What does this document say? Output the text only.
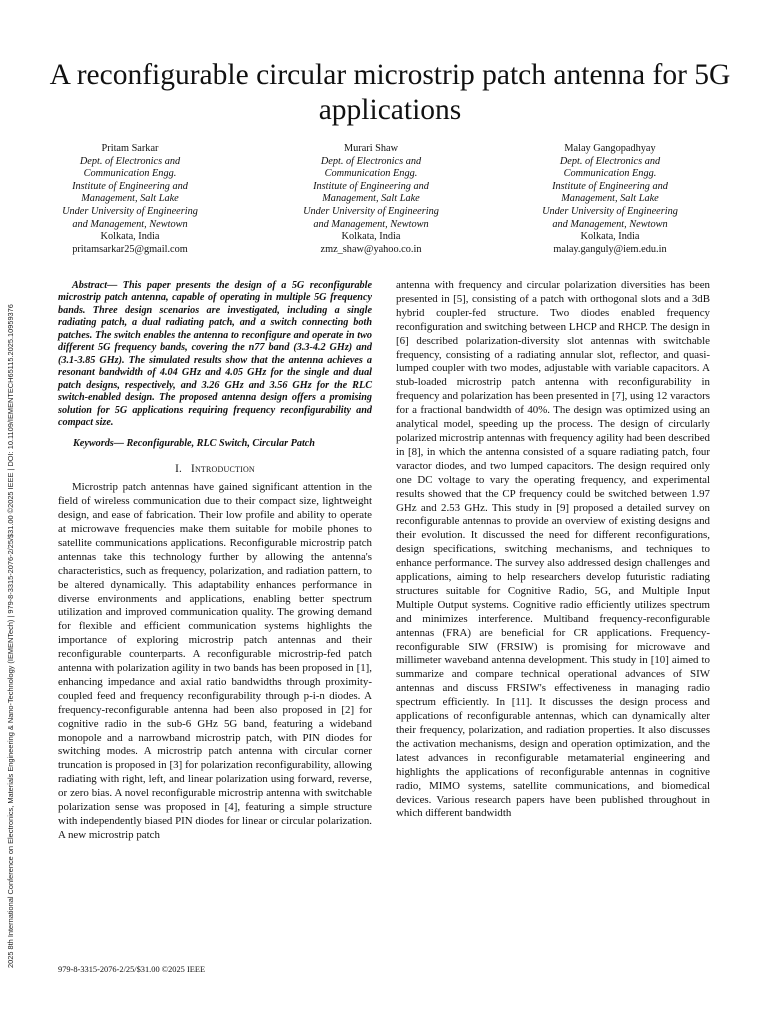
2025 8th International Conference on Electronics, Materials Engineering & Nano-Technology (IEMENTech) | 979-8-3315-2076-2/25/$31.00 ©2025 IEEE | DOI: 10.1109/IEMENTECH65115.2025.10959376
A reconfigurable circular microstrip patch antenna for 5G applications
Pritam Sarkar
Dept. of Electronics and
Communication Engg.
Institute of Engineering and
Management, Salt Lake
Under University of Engineering
and Management, Newtown
Kolkata, India
pritamsarkar25@gmail.com
Murari Shaw
Dept. of Electronics and
Communication Engg.
Institute of Engineering and
Management, Salt Lake
Under University of Engineering
and Management, Newtown
Kolkata, India
zmz_shaw@yahoo.co.in
Malay Gangopadhyay
Dept. of Electronics and
Communication Engg.
Institute of Engineering and
Management, Salt Lake
Under University of Engineering
and Management, Newtown
Kolkata, India
malay.ganguly@iem.edu.in

Abstract— This paper presents the design of a 5G reconfigurable microstrip patch antenna, capable of operating in multiple 5G frequency bands. Three design scenarios are investigated, including a single radiating patch, a dual radiating patch, and a switch connecting both patches. The switch enables the antenna to reconfigure and operate in two different 5G frequency bands, covering the n77 band (3.3-4.2 GHz) and (3.1-3.85 GHz). The simulated results show that the antenna achieves a resonant bandwidth of 4.04 GHz and 4.05 GHz for the single and dual patch designs, respectively, and 3.26 GHz and 3.56 GHz for the RLC switch-enabled design. The proposed antenna design offers a promising solution for 5G applications requiring frequency reconfigurability and compact size.

Keywords— Reconfigurable, RLC Switch, Circular Patch

I. Introduction

Microstrip patch antennas have gained significant attention in the field of wireless communication due to their compact size, lightweight design, and ease of fabrication. Their low profile and ability to operate at microwave frequencies make them suitable for mobile phones to satellite communications applications. Reconfigurable microstrip patch antennas take this technology further by allowing the antenna's characteristics, such as frequency, polarization, and radiation pattern, to be altered dynamically. This adaptability enhances performance in diverse environments and applications, enabling better spectrum utilization and improved communication quality. The growing demand for flexible and efficient communication systems highlights the importance of exploring microstrip patch antennas and their reconfigurable counterparts. A reconfigurable microstrip-fed patch antenna with polarization agility in two bands has been proposed in [1], enhancing impedance and axial ratio bandwidths through proximity-coupled feed and frequency reconfigurability through p-i-n diodes. A frequency-reconfigurable antenna had been also proposed in [2] for cognitive radio in the sub-6 GHz 5G band, featuring a wideband monopole and a narrowband microstrip patch, with PIN diodes for switching modes. A microstrip patch antenna with circular corner truncation is proposed in [3] for polarization reconfigurability, allowing radiating with right, left, and linear polarization using forward, reverse, or zero bias. A novel reconfigurable microstrip antenna with switchable polarization sense was proposed in [4], featuring a simple structure with independently biased PIN diodes for linear or circular polarization. A new microstrip patch

antenna with frequency and circular polarization diversities has been presented in [5], consisting of a patch with orthogonal slots and a 3dB hybrid coupler-fed structure. Two diodes enabled frequency reconfiguration and switching between LHCP and RHCP. The design in [6] described polarization-diversity slot antennas with switchable frequency, consisting of a radiating annular slot, reflector, and quasi-lumped coupler with two modes, adjustable with variable capacitors. A stub-loaded microstrip patch antenna with reconfigurability in frequency and polarization has been presented in [7], using 12 varactors for a fractional bandwidth of 40%. The design was optimized using an analytical model, speeding up the process. The design of circularly polarized microstrip antennas with frequency agility had been described in [8], in which the antenna consisted of a square radiating patch, four varactor diodes, and two lumped capacitors. The design required only one DC voltage to vary the operating frequency, and experimental results showed that the CP frequency could be switched between 1.97 GHz and 2.53 GHz. This study in [9] proposed a detailed survey on reconfigurable antennas to provide an overview of existing designs and their evolution. It discussed the need for different reconfigurations, design specifications, switching mechanisms, and techniques to enhance performance. The survey also addressed design challenges and applications, aiming to help researchers develop futuristic radiating structures suitable for Cognitive Radio, 5G, and Multiple Input Multiple Output systems. Cognitive radio efficiently utilizes spectrum and minimizes interference. Multiband frequency-reconfigurable antennas (FRA) are beneficial for CR applications. Frequency-reconfigurable SIW (FRSIW) is promising for microwave and millimeter waveband antenna development. This study in [10] aimed to summarize and compare technical operational advances of SIW antennas and discuss FRSIW's effectiveness in managing radio spectrum efficiently. In [11]. It discusses the design process and applications of reconfigurable antennas, which can dynamically alter their frequency, polarization, and radiation properties. It also discusses the activation mechanisms, design and operation optimization, and the latest advances in reconfigurable metamaterial engineering and highlights the applications of reconfigurable antennas in cognitive radio, MIMO systems, satellite communications, and biomedical devices. Various research papers have been published throughout in which different bandwidth

979-8-3315-2076-2/25/$31.00 ©2025 IEEE
